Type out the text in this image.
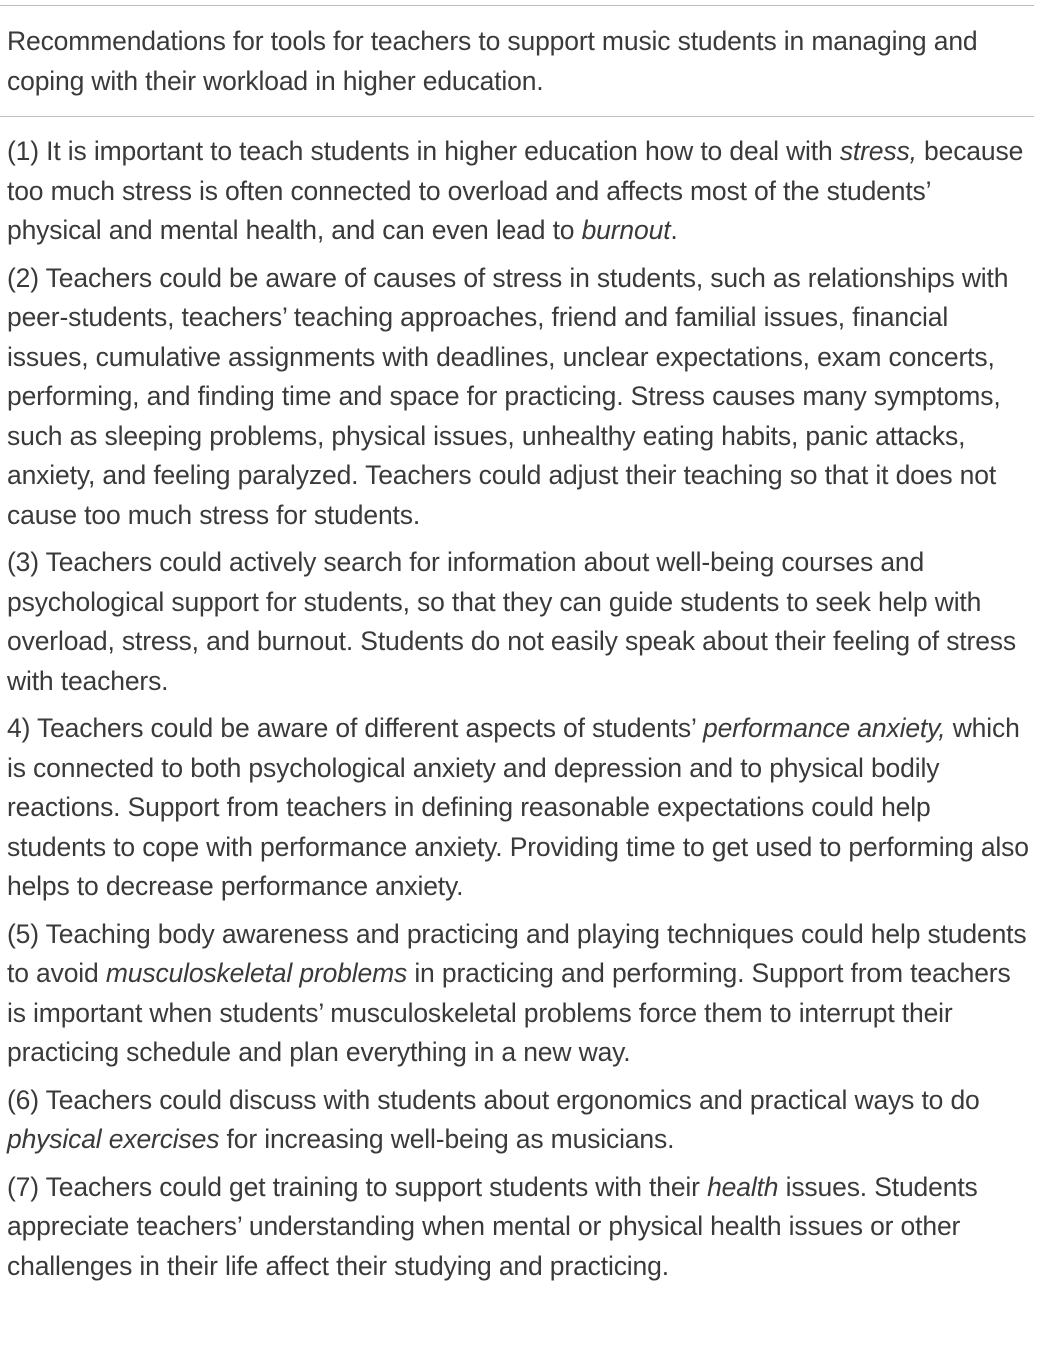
Recommendations for tools for teachers to support music students in managing and coping with their workload in higher education.
(1) It is important to teach students in higher education how to deal with stress, because too much stress is often connected to overload and affects most of the students’ physical and mental health, and can even lead to burnout.
(2) Teachers could be aware of causes of stress in students, such as relationships with peer-students, teachers’ teaching approaches, friend and familial issues, financial issues, cumulative assignments with deadlines, unclear expectations, exam concerts, performing, and finding time and space for practicing. Stress causes many symptoms, such as sleeping problems, physical issues, unhealthy eating habits, panic attacks, anxiety, and feeling paralyzed. Teachers could adjust their teaching so that it does not cause too much stress for students.
(3) Teachers could actively search for information about well-being courses and psychological support for students, so that they can guide students to seek help with overload, stress, and burnout. Students do not easily speak about their feeling of stress with teachers.
4) Teachers could be aware of different aspects of students’ performance anxiety, which is connected to both psychological anxiety and depression and to physical bodily reactions. Support from teachers in defining reasonable expectations could help students to cope with performance anxiety. Providing time to get used to performing also helps to decrease performance anxiety.
(5) Teaching body awareness and practicing and playing techniques could help students to avoid musculoskeletal problems in practicing and performing. Support from teachers is important when students’ musculoskeletal problems force them to interrupt their practicing schedule and plan everything in a new way.
(6) Teachers could discuss with students about ergonomics and practical ways to do physical exercises for increasing well-being as musicians.
(7) Teachers could get training to support students with their health issues. Students appreciate teachers’ understanding when mental or physical health issues or other challenges in their life affect their studying and practicing.
